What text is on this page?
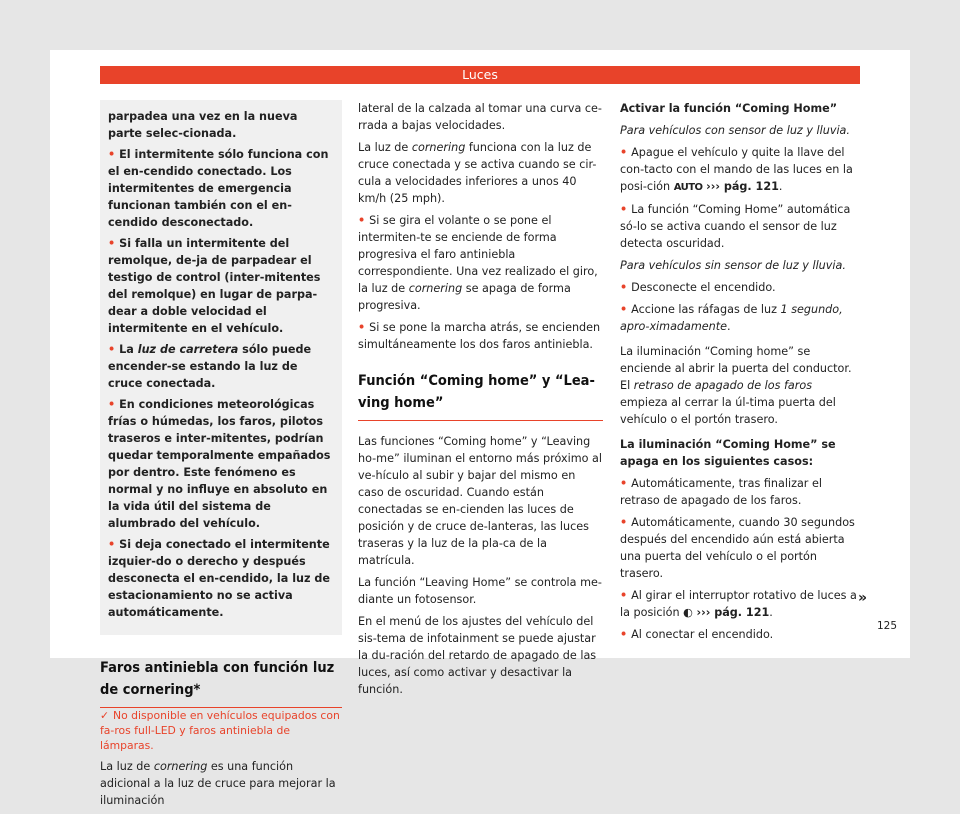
Luces

parpadea una vez en la nueva parte selec-cionada.

• El intermitente sólo funciona con el en-cendido conectado. Los intermitentes de emergencia funcionan también con el en-cendido desconectado.

• Si falla un intermitente del remolque, de-ja de parpadear el testigo de control (inter-mitentes del remolque) en lugar de parpa-dear a doble velocidad el intermitente en el vehículo.

• La luz de carretera sólo puede encender-se estando la luz de cruce conectada.

• En condiciones meteorológicas frías o húmedas, los faros, pilotos traseros e inter-mitentes, podrían quedar temporalmente empañados por dentro. Este fenómeno es normal y no influye en absoluto en la vida útil del sistema de alumbrado del vehículo.

• Si deja conectado el intermitente izquier-do o derecho y después desconecta el en-cendido, la luz de estacionamiento no se activa automáticamente.

Faros antiniebla con función luz de cornering*

✓ No disponible en vehículos equipados con fa-ros full-LED y faros antiniebla de lámparas.

La luz de cornering es una función adicional a la luz de cruce para mejorar la iluminación

lateral de la calzada al tomar una curva ce-rrada a bajas velocidades.

La luz de cornering funciona con la luz de cruce conectada y se activa cuando se cir-cula a velocidades inferiores a unos 40 km/h (25 mph).

• Si se gira el volante o se pone el intermiten-te se enciende de forma progresiva el faro antiniebla correspondiente. Una vez realizado el giro, la luz de cornering se apaga de forma progresiva.

• Si se pone la marcha atrás, se encienden simultáneamente los dos faros antiniebla.

Función “Coming home” y “Lea-ving home”

Las funciones “Coming home” y “Leaving ho-me” iluminan el entorno más próximo al ve-hículo al subir y bajar del mismo en caso de oscuridad. Cuando están conectadas se en-cienden las luces de posición y de cruce de-lanteras, las luces traseras y la luz de la pla-ca de la matrícula.

La función “Leaving Home” se controla me-diante un fotosensor.

En el menú de los ajustes del vehículo del sis-tema de infotainment se puede ajustar la du-ración del retardo de apagado de las luces, así como activar y desactivar la función.

Activar la función “Coming Home”

Para vehículos con sensor de luz y lluvia.

• Apague el vehículo y quite la llave del con-tacto con el mando de las luces en la posi-ción AUTO ››› pág. 121.

• La función “Coming Home” automática só-lo se activa cuando el sensor de luz detecta oscuridad.

Para vehículos sin sensor de luz y lluvia.

• Desconecte el encendido.

• Accione las ráfagas de luz 1 segundo, apro-ximadamente.

La iluminación “Coming home” se enciende al abrir la puerta del conductor. El retraso de apagado de los faros empieza al cerrar la úl-tima puerta del vehículo o el portón trasero.

La iluminación “Coming Home” se apaga en los siguientes casos:

• Automáticamente, tras finalizar el retraso de apagado de los faros.

• Automáticamente, cuando 30 segundos después del encendido aún está abierta una puerta del vehículo o el portón trasero.

• Al girar el interruptor rotativo de luces a la posición ◐ ››› pág. 121.

• Al conectar el encendido.

»
125
